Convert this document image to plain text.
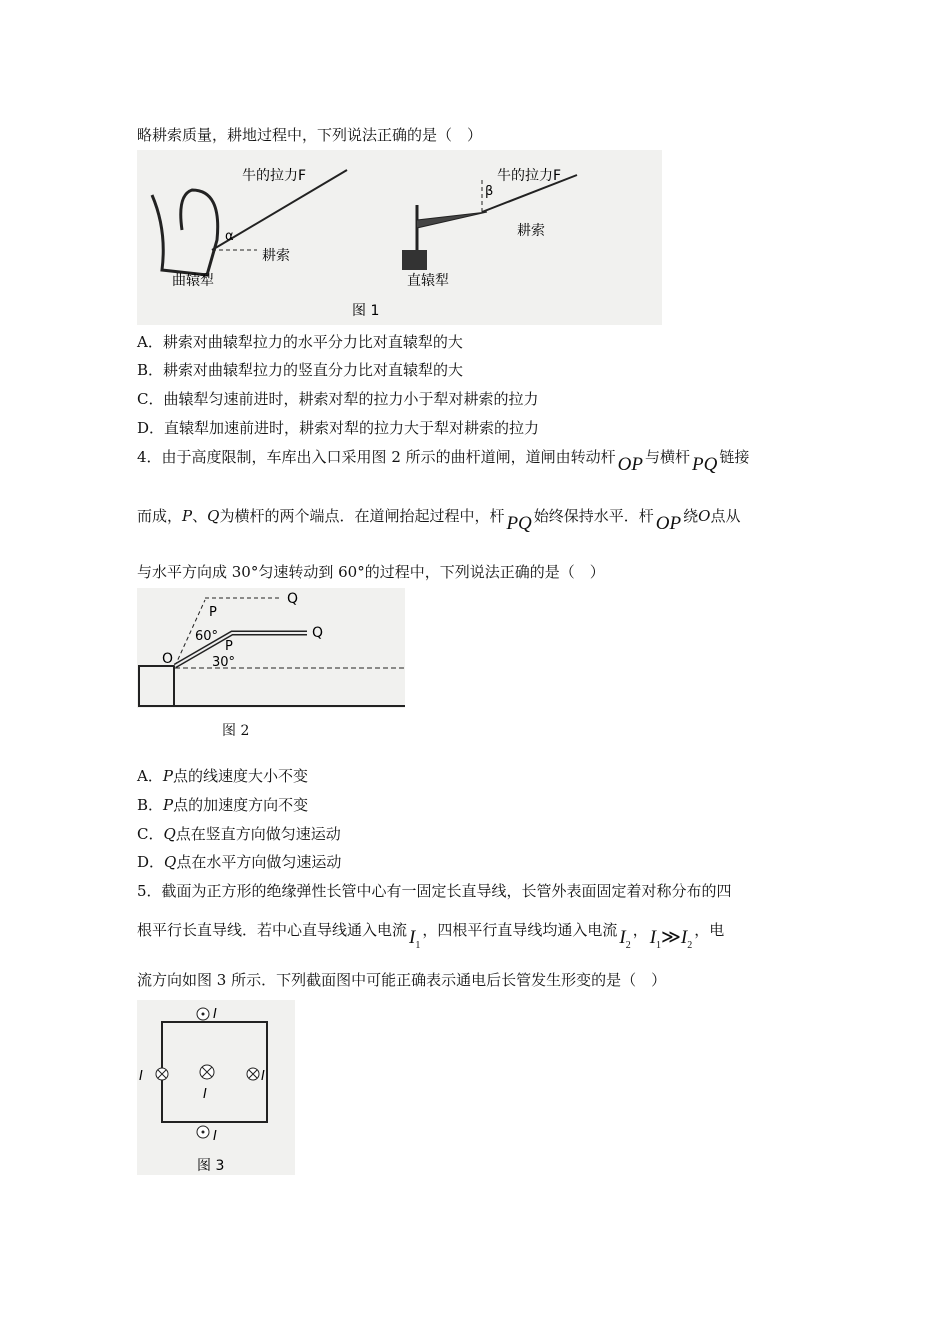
略耕索质量，耕地过程中，下列说法正确的是（　）
牛的拉力F
α
耕索
曲辕犁
牛的拉力F
β
耕索
直辕犁
图 1
A．耕索对曲辕犁拉力的水平分力比对直辕犁的大
B．耕索对曲辕犁拉力的竖直分力比对直辕犁的大
C．曲辕犁匀速前进时，耕索对犁的拉力小于犁对耕索的拉力
D．直辕犁加速前进时，耕索对犁的拉力大于犁对耕索的拉力
4．由于高度限制，车库出入口采用图 2 所示的曲杆道闸，道闸由转动杆 OP 与横杆 PQ 链接
而成，P、Q为横杆的两个端点．在道闸抬起过程中，杆 PQ 始终保持水平．杆 OP 绕O点从
与水平方向成 30°匀速转动到 60°的过程中，下列说法正确的是（　）
Q
P
Q
P
60°
30°
O
图 2
A．P点的线速度大小不变
B．P点的加速度方向不变
C．Q点在竖直方向做匀速运动
D．Q点在水平方向做匀速运动
5．截面为正方形的绝缘弹性长管中心有一固定长直导线，长管外表面固定着对称分布的四
根平行长直导线．若中心直导线通入电流 $I_1$，四根平行直导线均通入电流 $I_2$， $I_1≫I_2$，电
流方向如图 3 所示．下列截面图中可能正确表示通电后长管发生形变的是（　）
I
I
I	I
I
图 3
